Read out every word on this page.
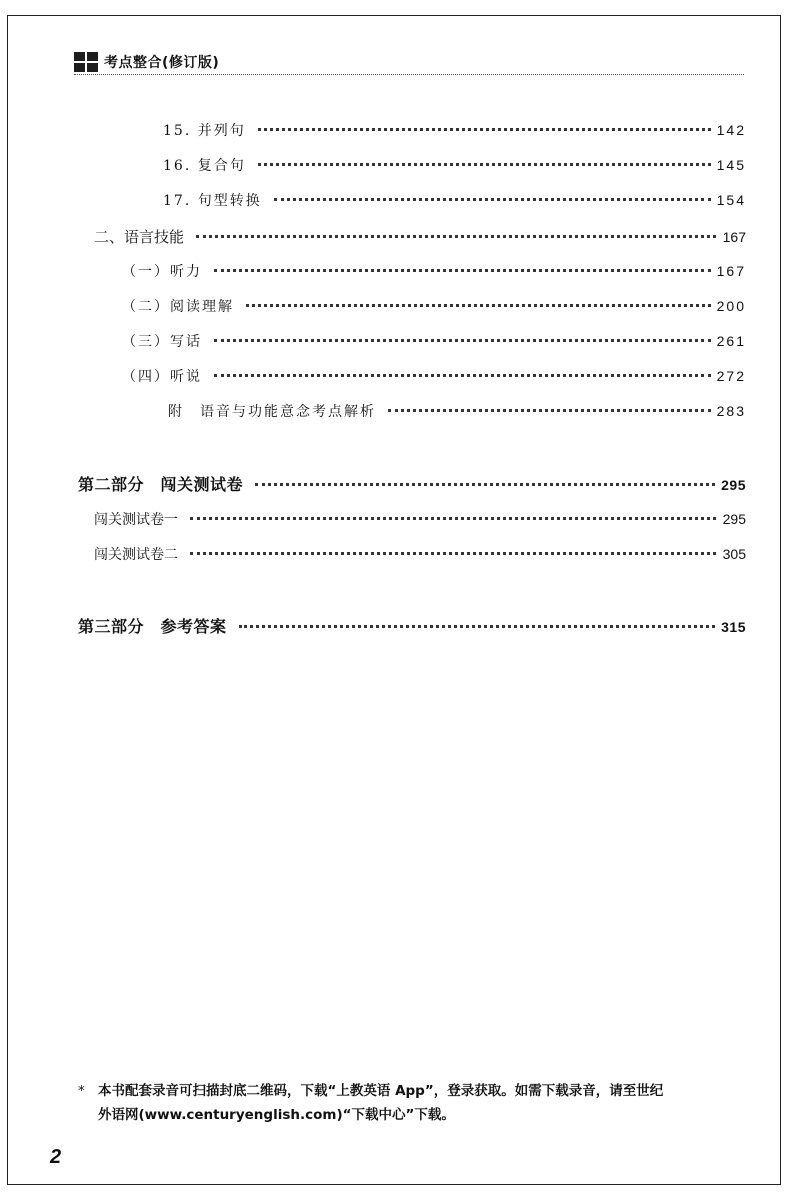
考点整合(修订版)
15. 并列句	142
16. 复合句	145
17. 句型转换	154
二、语言技能	167
（一）听力	167
（二）阅读理解	200
（三）写话	261
（四）听说	272
附　语音与功能意念考点解析	283
第二部分　闯关测试卷	295
闯关测试卷一	295
闯关测试卷二	305
第三部分　参考答案	315
* 本书配套录音可扫描封底二维码，下载“上教英语 App”，登录获取。如需下载录音，请至世纪
外语网(www.centuryenglish.com)“下载中心”下载。
2
